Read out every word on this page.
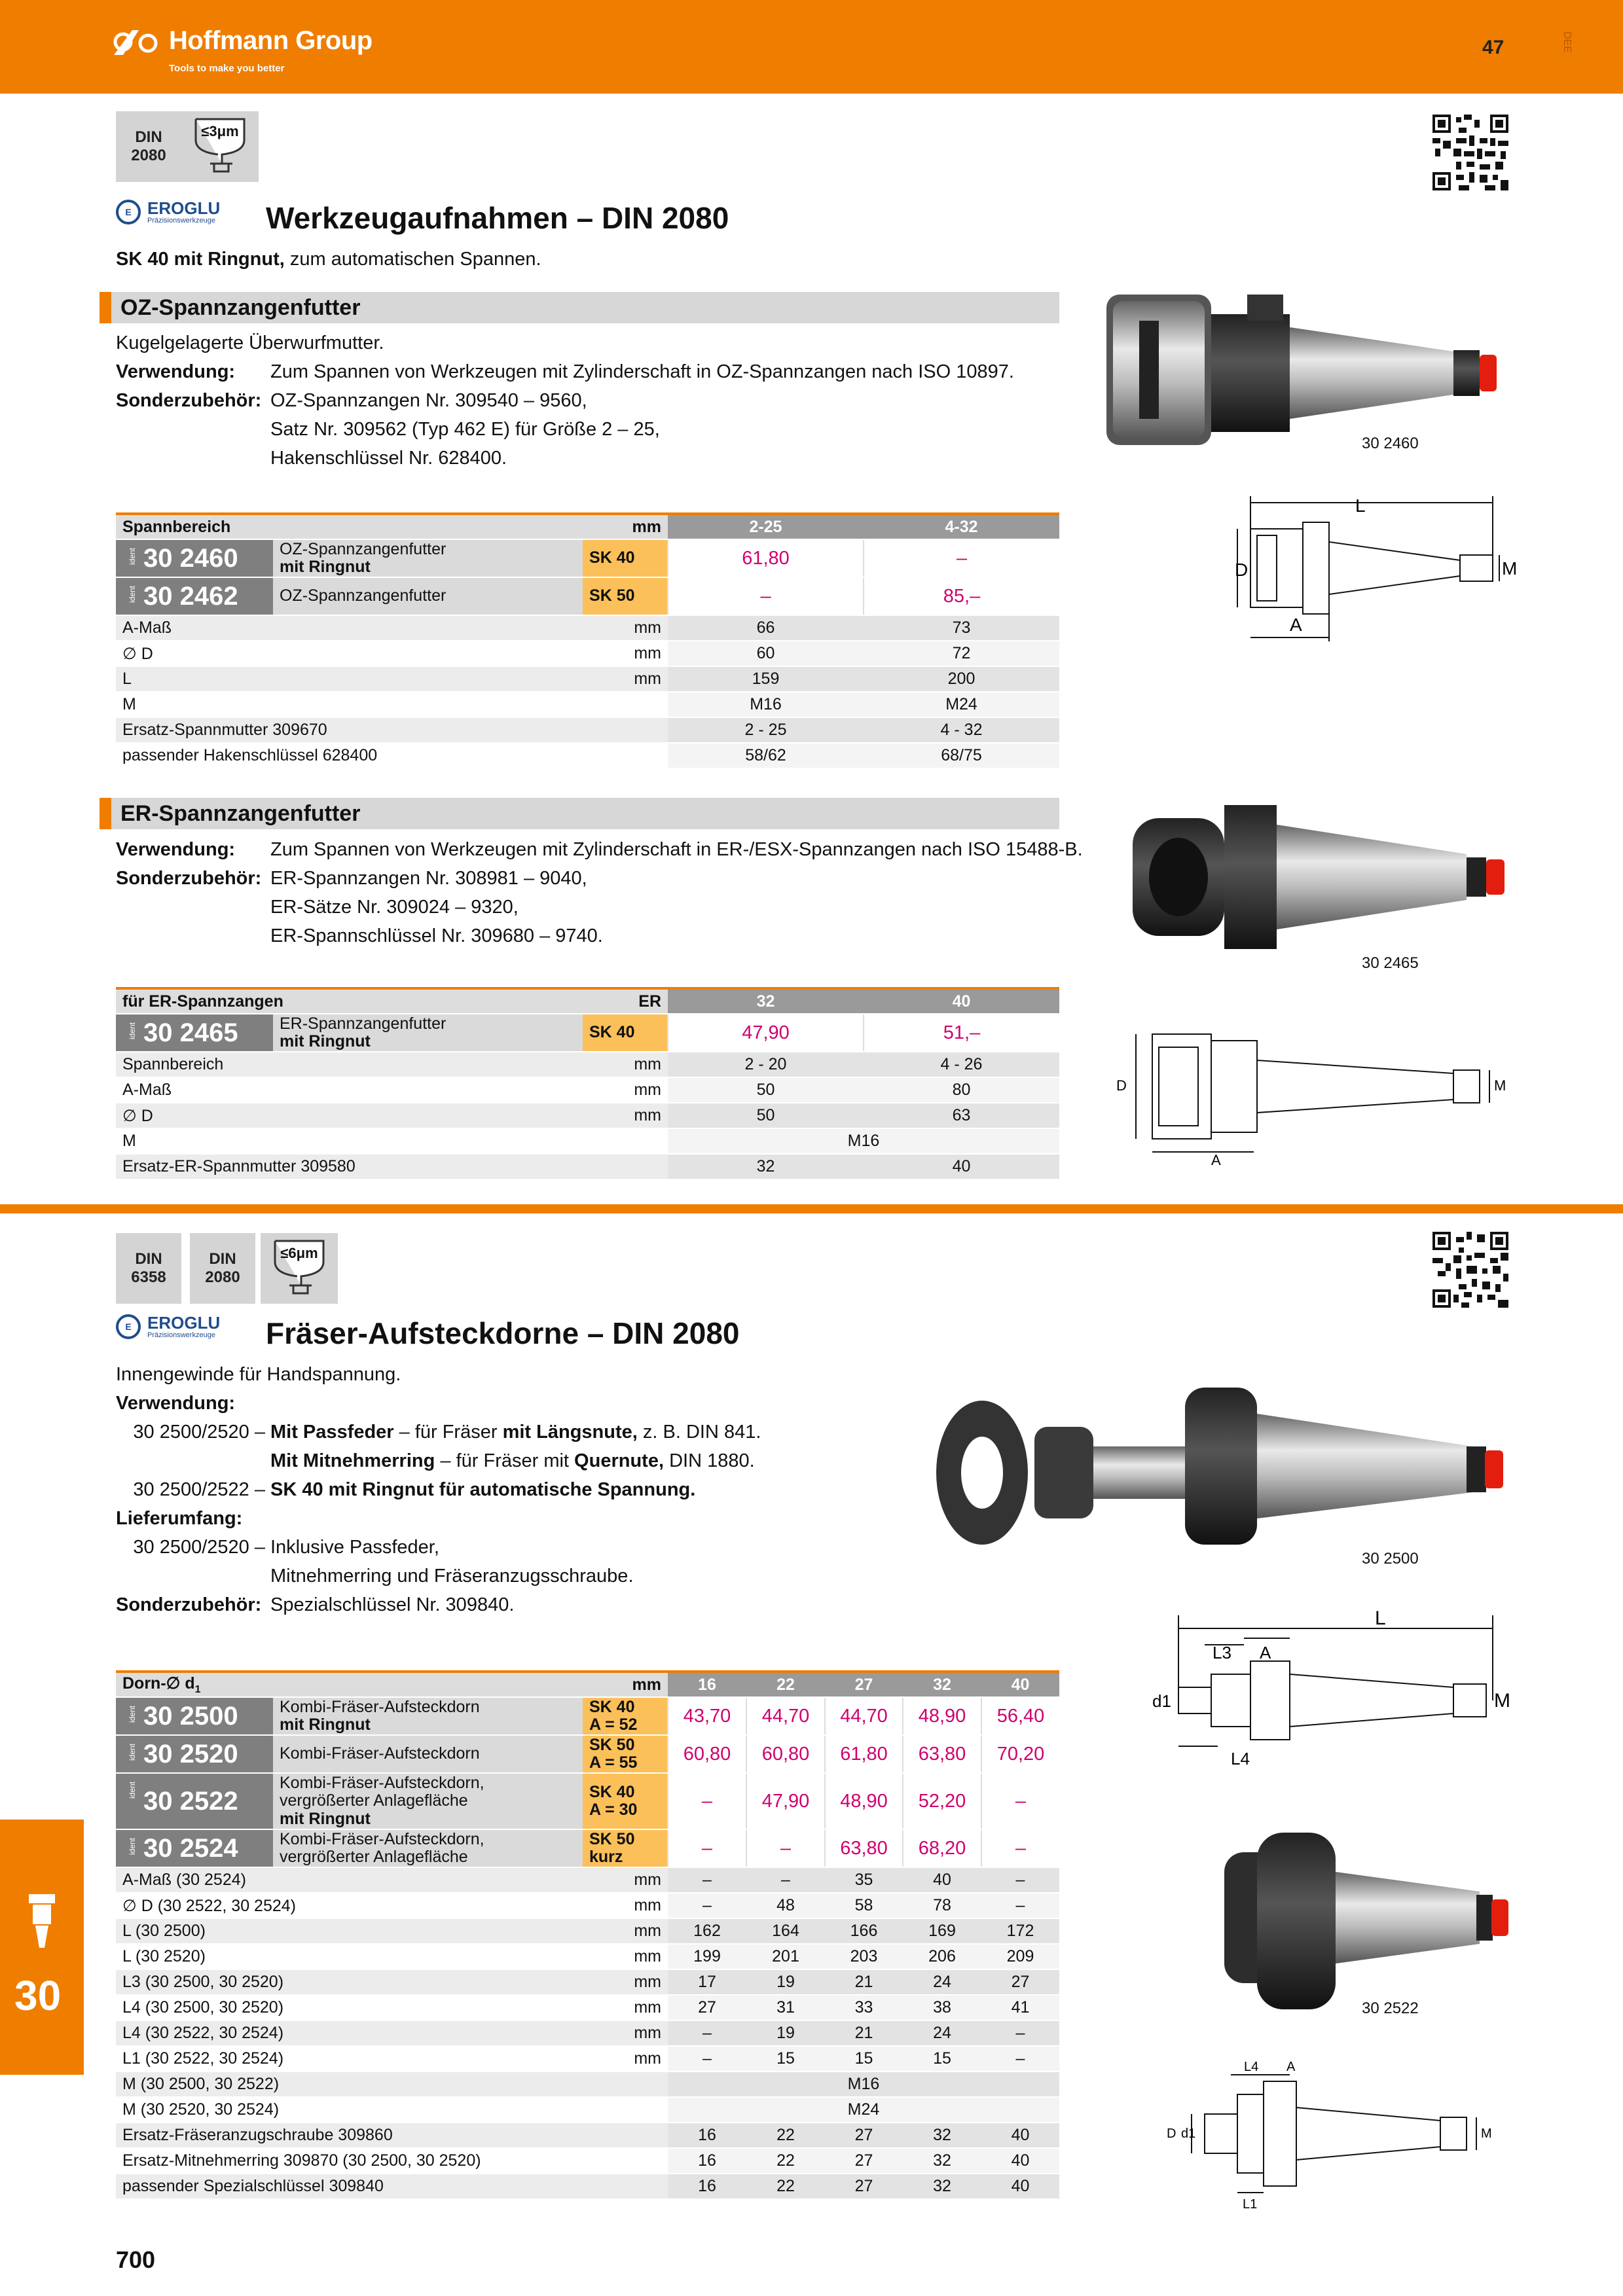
Hoffmann Group
Tools to make you better
47	DEE
DIN
2080
≤3μm
E EROGLU
Präzisionswerkzeuge Werkzeugaufnahmen – DIN 2080
SK 40 mit Ringnut, zum automatischen Spannen.
OZ-Spannzangenfutter
Kugelgelagerte Überwurfmutter.
Verwendung: Zum Spannen von Werkzeugen mit Zylinderschaft in OZ-Spannzangen nach ISO 10897.
Sonderzubehör: OZ-Spannzangen Nr. 309540 – 9560,
Satz Nr. 309562 (Typ 462 E) für Größe 2 – 25,
Hakenschlüssel Nr. 628400.
30 2460
L
D
A
M
Spannbereich		mm	2-25	4-32

ident 30 2460	OZ-Spannzangenfutter
mit Ringnut	SK 40	61,80	–

ident 30 2462	OZ-Spannzangenfutter	SK 50	–	85,–
A-Maß		mm	66	73
∅ D		mm	60	72
L		mm	159	200
M			M16	M24
Ersatz-Spannmutter 309670			2 - 25	4 - 32
passender Hakenschlüssel 628400			58/62	68/75
ER-Spannzangenfutter
Verwendung: Zum Spannen von Werkzeugen mit Zylinderschaft in ER-/ESX-Spannzangen nach ISO 15488-B.
Sonderzubehör: ER-Spannzangen Nr. 308981 – 9040,
ER-Sätze Nr. 309024 – 9320,
ER-Spannschlüssel Nr. 309680 – 9740.
30 2465
D
A
M
für ER-Spannzangen		ER	32	40

ident 30 2465	ER-Spannzangenfutter
mit Ringnut	SK 40	47,90	51,–
Spannbereich		mm	2 - 20	4 - 26
A-Maß		mm	50	80
∅ D		mm	50	63
M			M16	
Ersatz-ER-Spannmutter 309580			32	40
DIN
6358
DIN
2080
≤6μm
E EROGLU
Präzisionswerkzeuge Fräser-Aufsteckdorne – DIN 2080
Innengewinde für Handspannung.
Verwendung:
30 2500/2520 – Mit Passfeder – für Fräser mit Längsnute, z. B. DIN 841.
Mit Mitnehmerring – für Fräser mit Quernute, DIN 1880.
30 2500/2522 – SK 40 mit Ringnut für automatische Spannung.
Lieferumfang:
30 2500/2520 – Inklusive Passfeder,
Mitnehmerring und Fräseranzugsschraube.
Sonderzubehör: Spezialschlüssel Nr. 309840.
30 2500
L
L3 A
d1
L4
M
30 2522
L4 A
D d1
L1
M
Dorn-∅ $d_1$		mm	16	22	27	32	40

ident 30 2500	Kombi-Fräser-Aufsteckdorn
mit Ringnut	SK 40
A = 52	43,70	44,70	44,70	48,90	56,40

ident 30 2520	Kombi-Fräser-Aufsteckdorn	SK 50
A = 55	60,80	60,80	61,80	63,80	70,20

ident 30 2522	Kombi-Fräser-Aufsteckdorn,
vergrößerter Anlagefläche
mit Ringnut	SK 40
A = 30	–	47,90	48,90	52,20	–

ident 30 2524	Kombi-Fräser-Aufsteckdorn,
vergrößerter Anlagefläche	SK 50
kurz	–	–	63,80	68,20	–
A-Maß (30 2524)		mm	–	–	35	40	–
∅ D (30 2522, 30 2524)		mm	–	48	58	78	–
L (30 2500)		mm	162	164	166	169	172
L (30 2520)		mm	199	201	203	206	209
L3 (30 2500, 30 2520)		mm	17	19	21	24	27
L4 (30 2500, 30 2520)		mm	27	31	33	38	41
L4 (30 2522, 30 2524)		mm	–	19	21	24	–
L1 (30 2522, 30 2524)		mm	–	15	15	15	–
M (30 2500, 30 2522)			M16				
M (30 2520, 30 2524)			M24				
Ersatz-Fräseranzugschraube 309860			16	22	27	32	40
Ersatz-Mitnehmerring 309870 (30 2500, 30 2520)			16	22	27	32	40
passender Spezialschlüssel 309840			16	22	27	32	40
30
700
